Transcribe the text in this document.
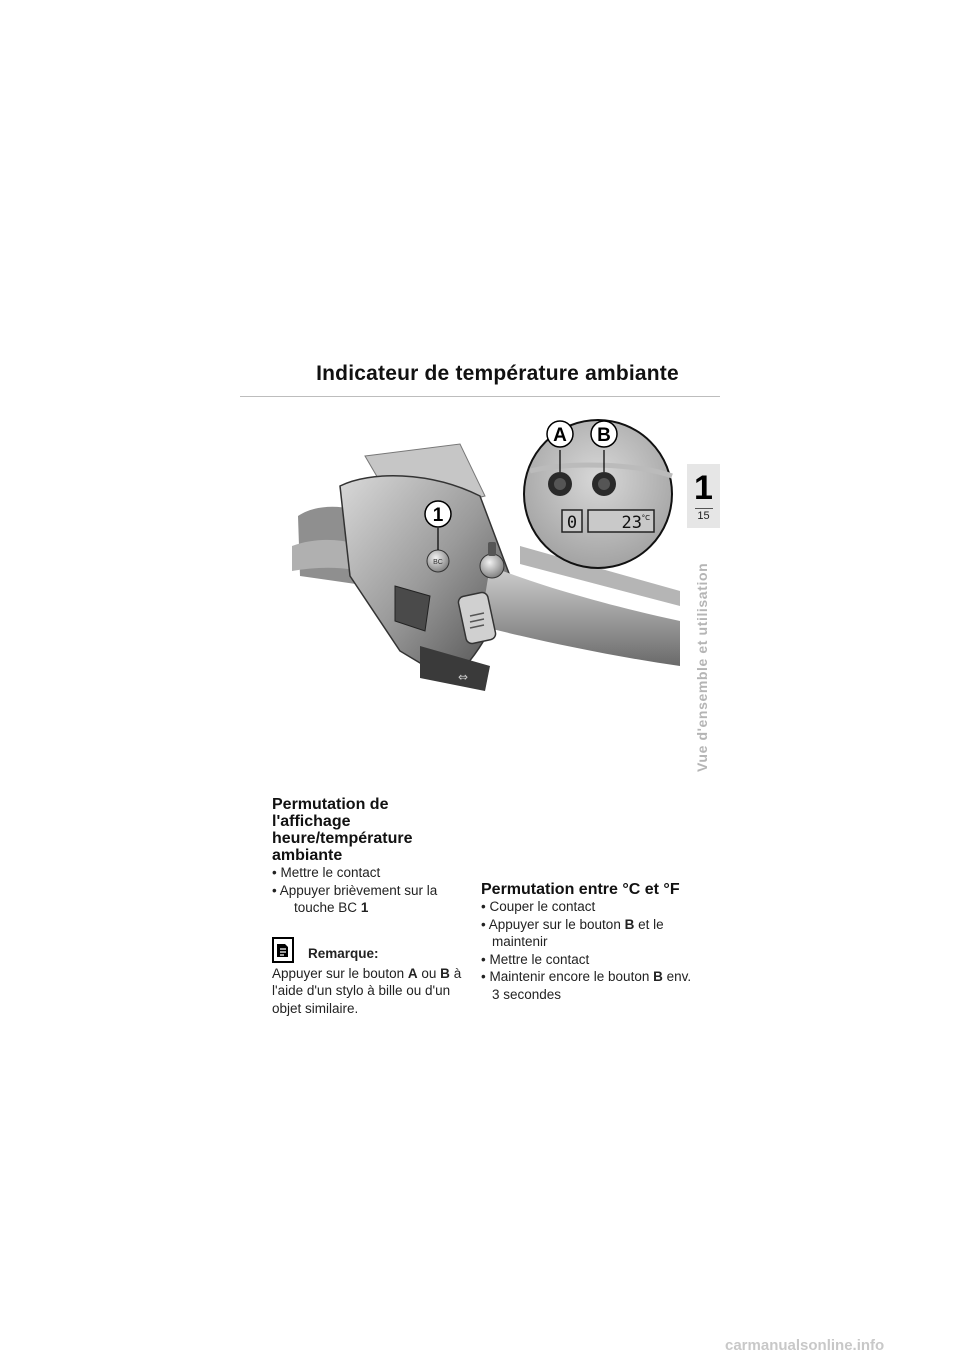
Indicateur de température ambiante
1
15
Vue d'ensemble et utilisation
BC
⇔
1	0	23 °C
A B
Permutation de l'affichage heure/température ambiante

• Mettre le contact

• Appuyer brièvement sur la touche BC 1

Remarque:

Appuyer sur le bouton A ou B à l'aide d'un stylo à bille ou d'un objet similaire.

Permutation entre °C et °F

• Couper le contact

• Appuyer sur le bouton B et le maintenir

• Mettre le contact

• Maintenir encore le bouton B env. 3 secondes

carmanualsonline.info
